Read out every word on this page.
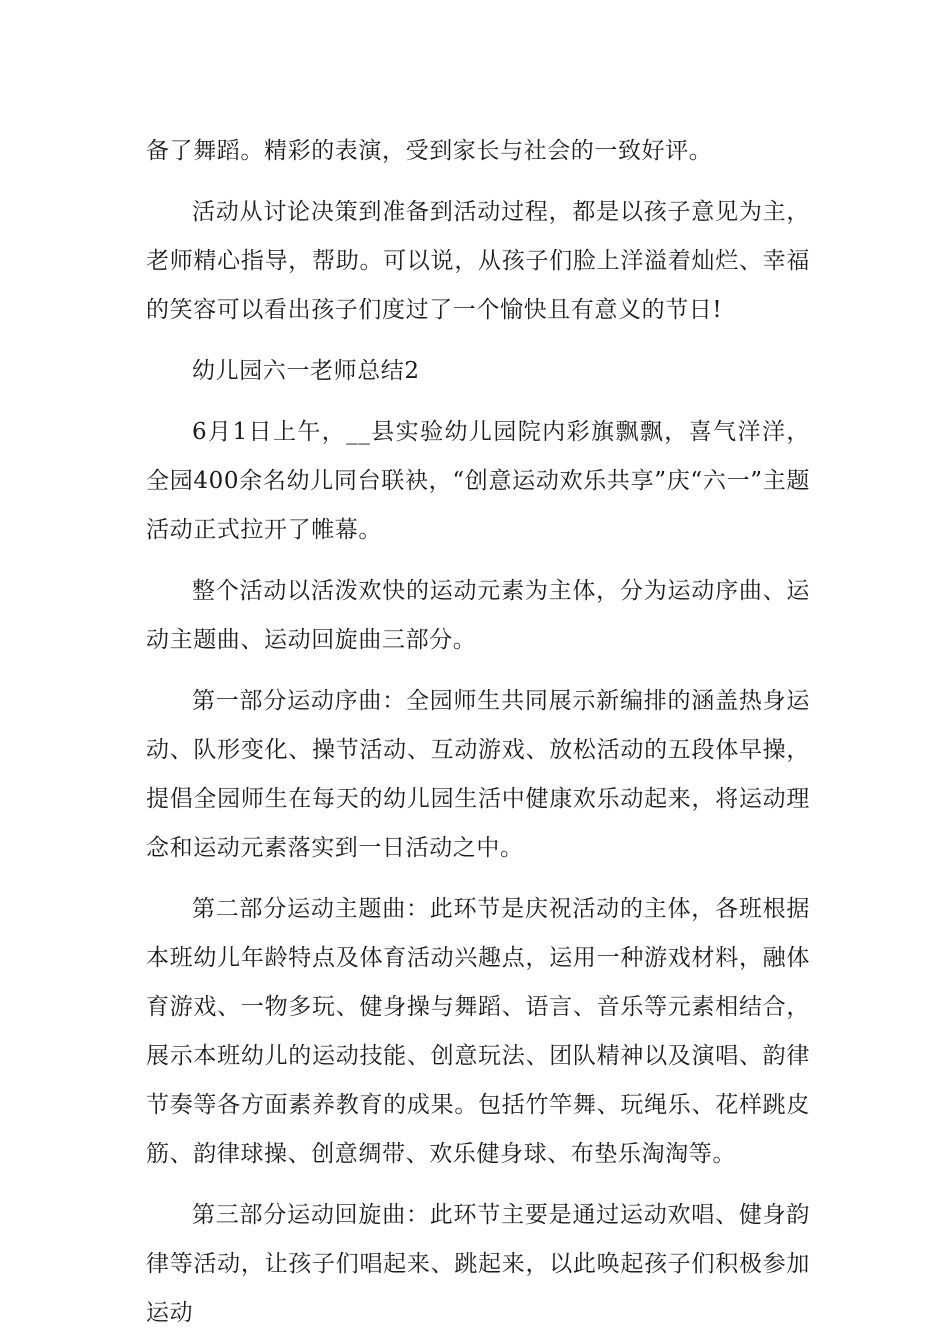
备了舞蹈。精彩的表演，受到家长与社会的一致好评。

活动从讨论决策到准备到活动过程，都是以孩子意见为主，老师精心指导，帮助。可以说，从孩子们脸上洋溢着灿烂、幸福的笑容可以看出孩子们度过了一个愉快且有意义的节日!

幼儿园六一老师总结2

6月1日上午，__县实验幼儿园院内彩旗飘飘，喜气洋洋，全园400余名幼儿同台联袂，“创意运动欢乐共享”庆“六一”主题活动正式拉开了帷幕。

整个活动以活泼欢快的运动元素为主体，分为运动序曲、运动主题曲、运动回旋曲三部分。

第一部分运动序曲：全园师生共同展示新编排的涵盖热身运动、队形变化、操节活动、互动游戏、放松活动的五段体早操，提倡全园师生在每天的幼儿园生活中健康欢乐动起来，将运动理念和运动元素落实到一日活动之中。

第二部分运动主题曲：此环节是庆祝活动的主体，各班根据本班幼儿年龄特点及体育活动兴趣点，运用一种游戏材料，融体育游戏、一物多玩、健身操与舞蹈、语言、音乐等元素相结合，展示本班幼儿的运动技能、创意玩法、团队精神以及演唱、韵律节奏等各方面素养教育的成果。包括竹竿舞、玩绳乐、花样跳皮筋、韵律球操、创意绸带、欢乐健身球、布垫乐淘淘等。

第三部分运动回旋曲：此环节主要是通过运动欢唱、健身韵律等活动，让孩子们唱起来、跳起来，以此唤起孩子们积极参加运动
